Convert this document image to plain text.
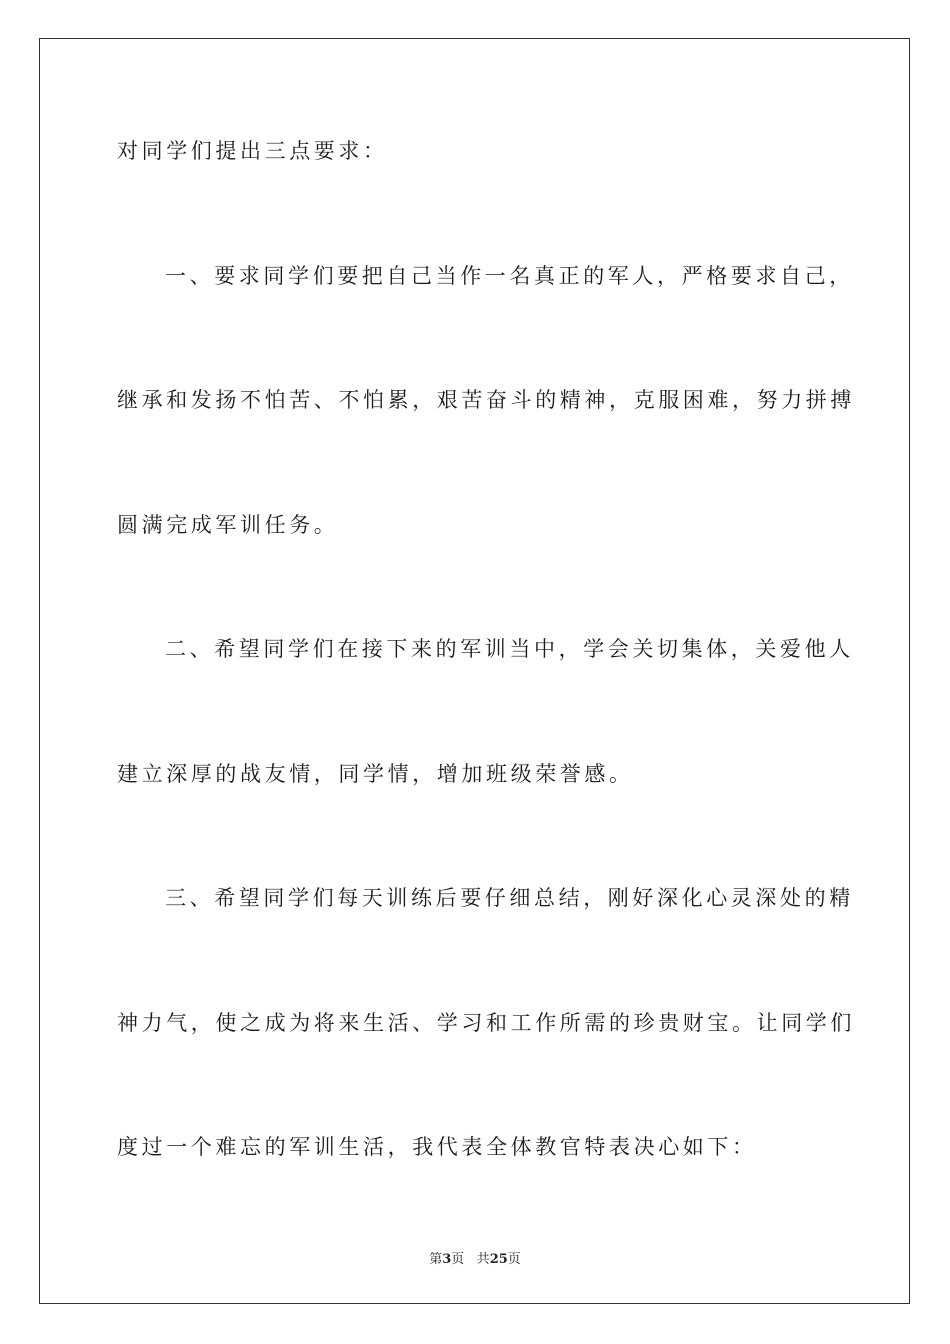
对同学们提出三点要求：
一、要求同学们要把自己当作一名真正的军人，严格要求自己，
继承和发扬不怕苦、不怕累，艰苦奋斗的精神，克服困难，努力拼搏
圆满完成军训任务。
二、希望同学们在接下来的军训当中，学会关切集体，关爱他人
建立深厚的战友情，同学情，增加班级荣誉感。
三、希望同学们每天训练后要仔细总结，刚好深化心灵深处的精
神力气，使之成为将来生活、学习和工作所需的珍贵财宝。让同学们
度过一个难忘的军训生活，我代表全体教官特表决心如下：
第3页 共25页
